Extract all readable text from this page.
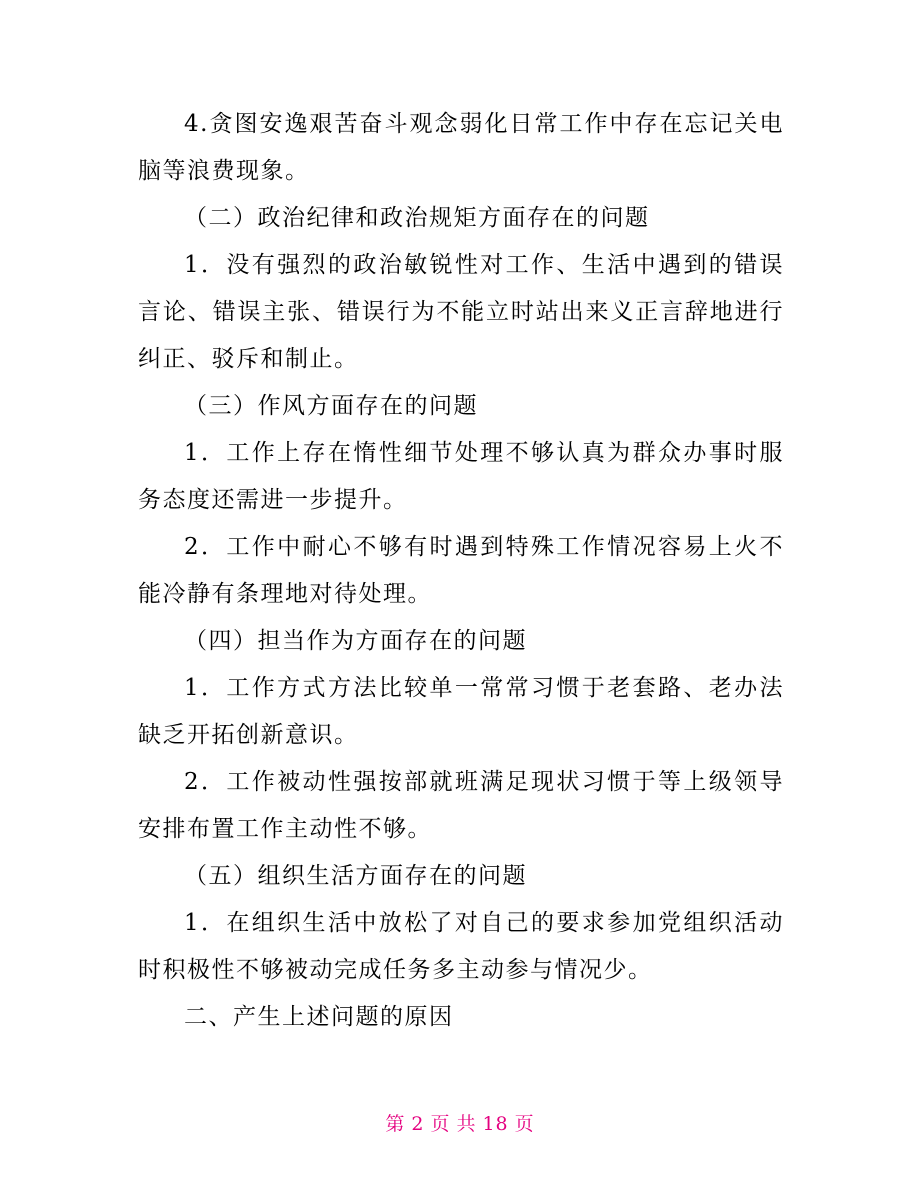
4.贪图安逸艰苦奋斗观念弱化日常工作中存在忘记关电脑等浪费现象。

（二）政治纪律和政治规矩方面存在的问题

1．没有强烈的政治敏锐性对工作、生活中遇到的错误言论、错误主张、错误行为不能立时站出来义正言辞地进行纠正、驳斥和制止。

（三）作风方面存在的问题

1．工作上存在惰性细节处理不够认真为群众办事时服务态度还需进一步提升。

2．工作中耐心不够有时遇到特殊工作情况容易上火不能冷静有条理地对待处理。

（四）担当作为方面存在的问题

1．工作方式方法比较单一常常习惯于老套路、老办法缺乏开拓创新意识。

2．工作被动性强按部就班满足现状习惯于等上级领导安排布置工作主动性不够。

（五）组织生活方面存在的问题

1．在组织生活中放松了对自己的要求参加党组织活动时积极性不够被动完成任务多主动参与情况少。

二、产生上述问题的原因

第 2 页 共 18 页
